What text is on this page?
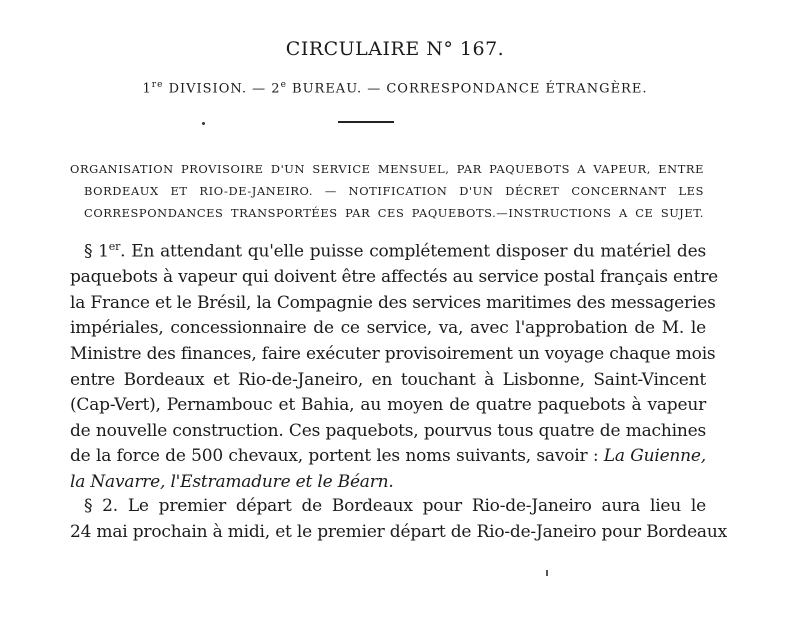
CIRCULAIRE N° 167.
1re DIVISION. — 2e BUREAU. — CORRESPONDANCE ÉTRANGÈRE.
ORGANISATION PROVISOIRE D'UN SERVICE MENSUEL, PAR PAQUEBOTS A VAPEUR, ENTRE
BORDEAUX ET RIO-DE-JANEIRO. — NOTIFICATION D'UN DÉCRET CONCERNANT LES
CORRESPONDANCES TRANSPORTÉES PAR CES PAQUEBOTS.—INSTRUCTIONS A CE SUJET.
§ 1er. En attendant qu'elle puisse complétement disposer du matériel des
paquebots à vapeur qui doivent être affectés au service postal français entre
la France et le Brésil, la Compagnie des services maritimes des messageries
impériales, concessionnaire de ce service, va, avec l'approbation de M. le
Ministre des finances, faire exécuter provisoirement un voyage chaque mois
entre Bordeaux et Rio-de-Janeiro, en touchant à Lisbonne, Saint-Vincent
(Cap-Vert), Pernambouc et Bahia, au moyen de quatre paquebots à vapeur
de nouvelle construction. Ces paquebots, pourvus tous quatre de machines
de la force de 500 chevaux, portent les noms suivants, savoir : La Guienne,
la Navarre, l'Estramadure et le Béarn.
§ 2. Le premier départ de Bordeaux pour Rio-de-Janeiro aura lieu le
24 mai prochain à midi, et le premier départ de Rio-de-Janeiro pour Bordeaux
